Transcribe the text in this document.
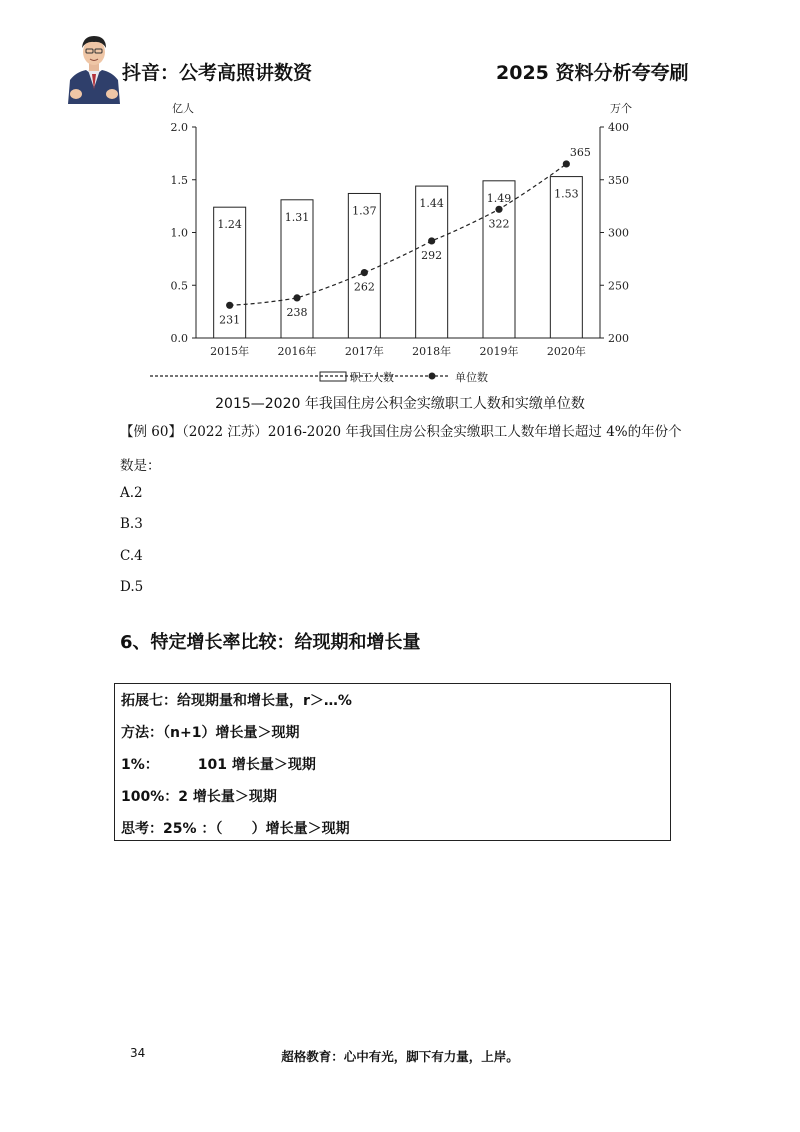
抖音：公考高照讲数资	2025 资料分析夸夸刷
亿人	万个
0.0
0.5
1.0
1.5
2.0
200
250
300
350
400
2015年	2016年	2017年	2018年	2019年	2020年
1.24
1.31	1.37
1.44	1.49	1.53
231
238
262
292
322
365
职工人数	单位数
2015—2020 年我国住房公积金实缴职工人数和实缴单位数
【例 60】（2022 江苏）2016-2020 年我国住房公积金实缴职工人数年增长超过 4%的年份个
数是：
A.2
B.3
C.4
D.5
6、特定增长率比较：给现期和增长量
拓展七：给现期量和增长量，r＞…%
方法：（n+1）增长量＞现期
1%：        101 增长量＞现期
100%：2 增长量＞现期
思考：25% ：（      ）增长量＞现期
34	超格教育：心中有光，脚下有力量，上岸。
